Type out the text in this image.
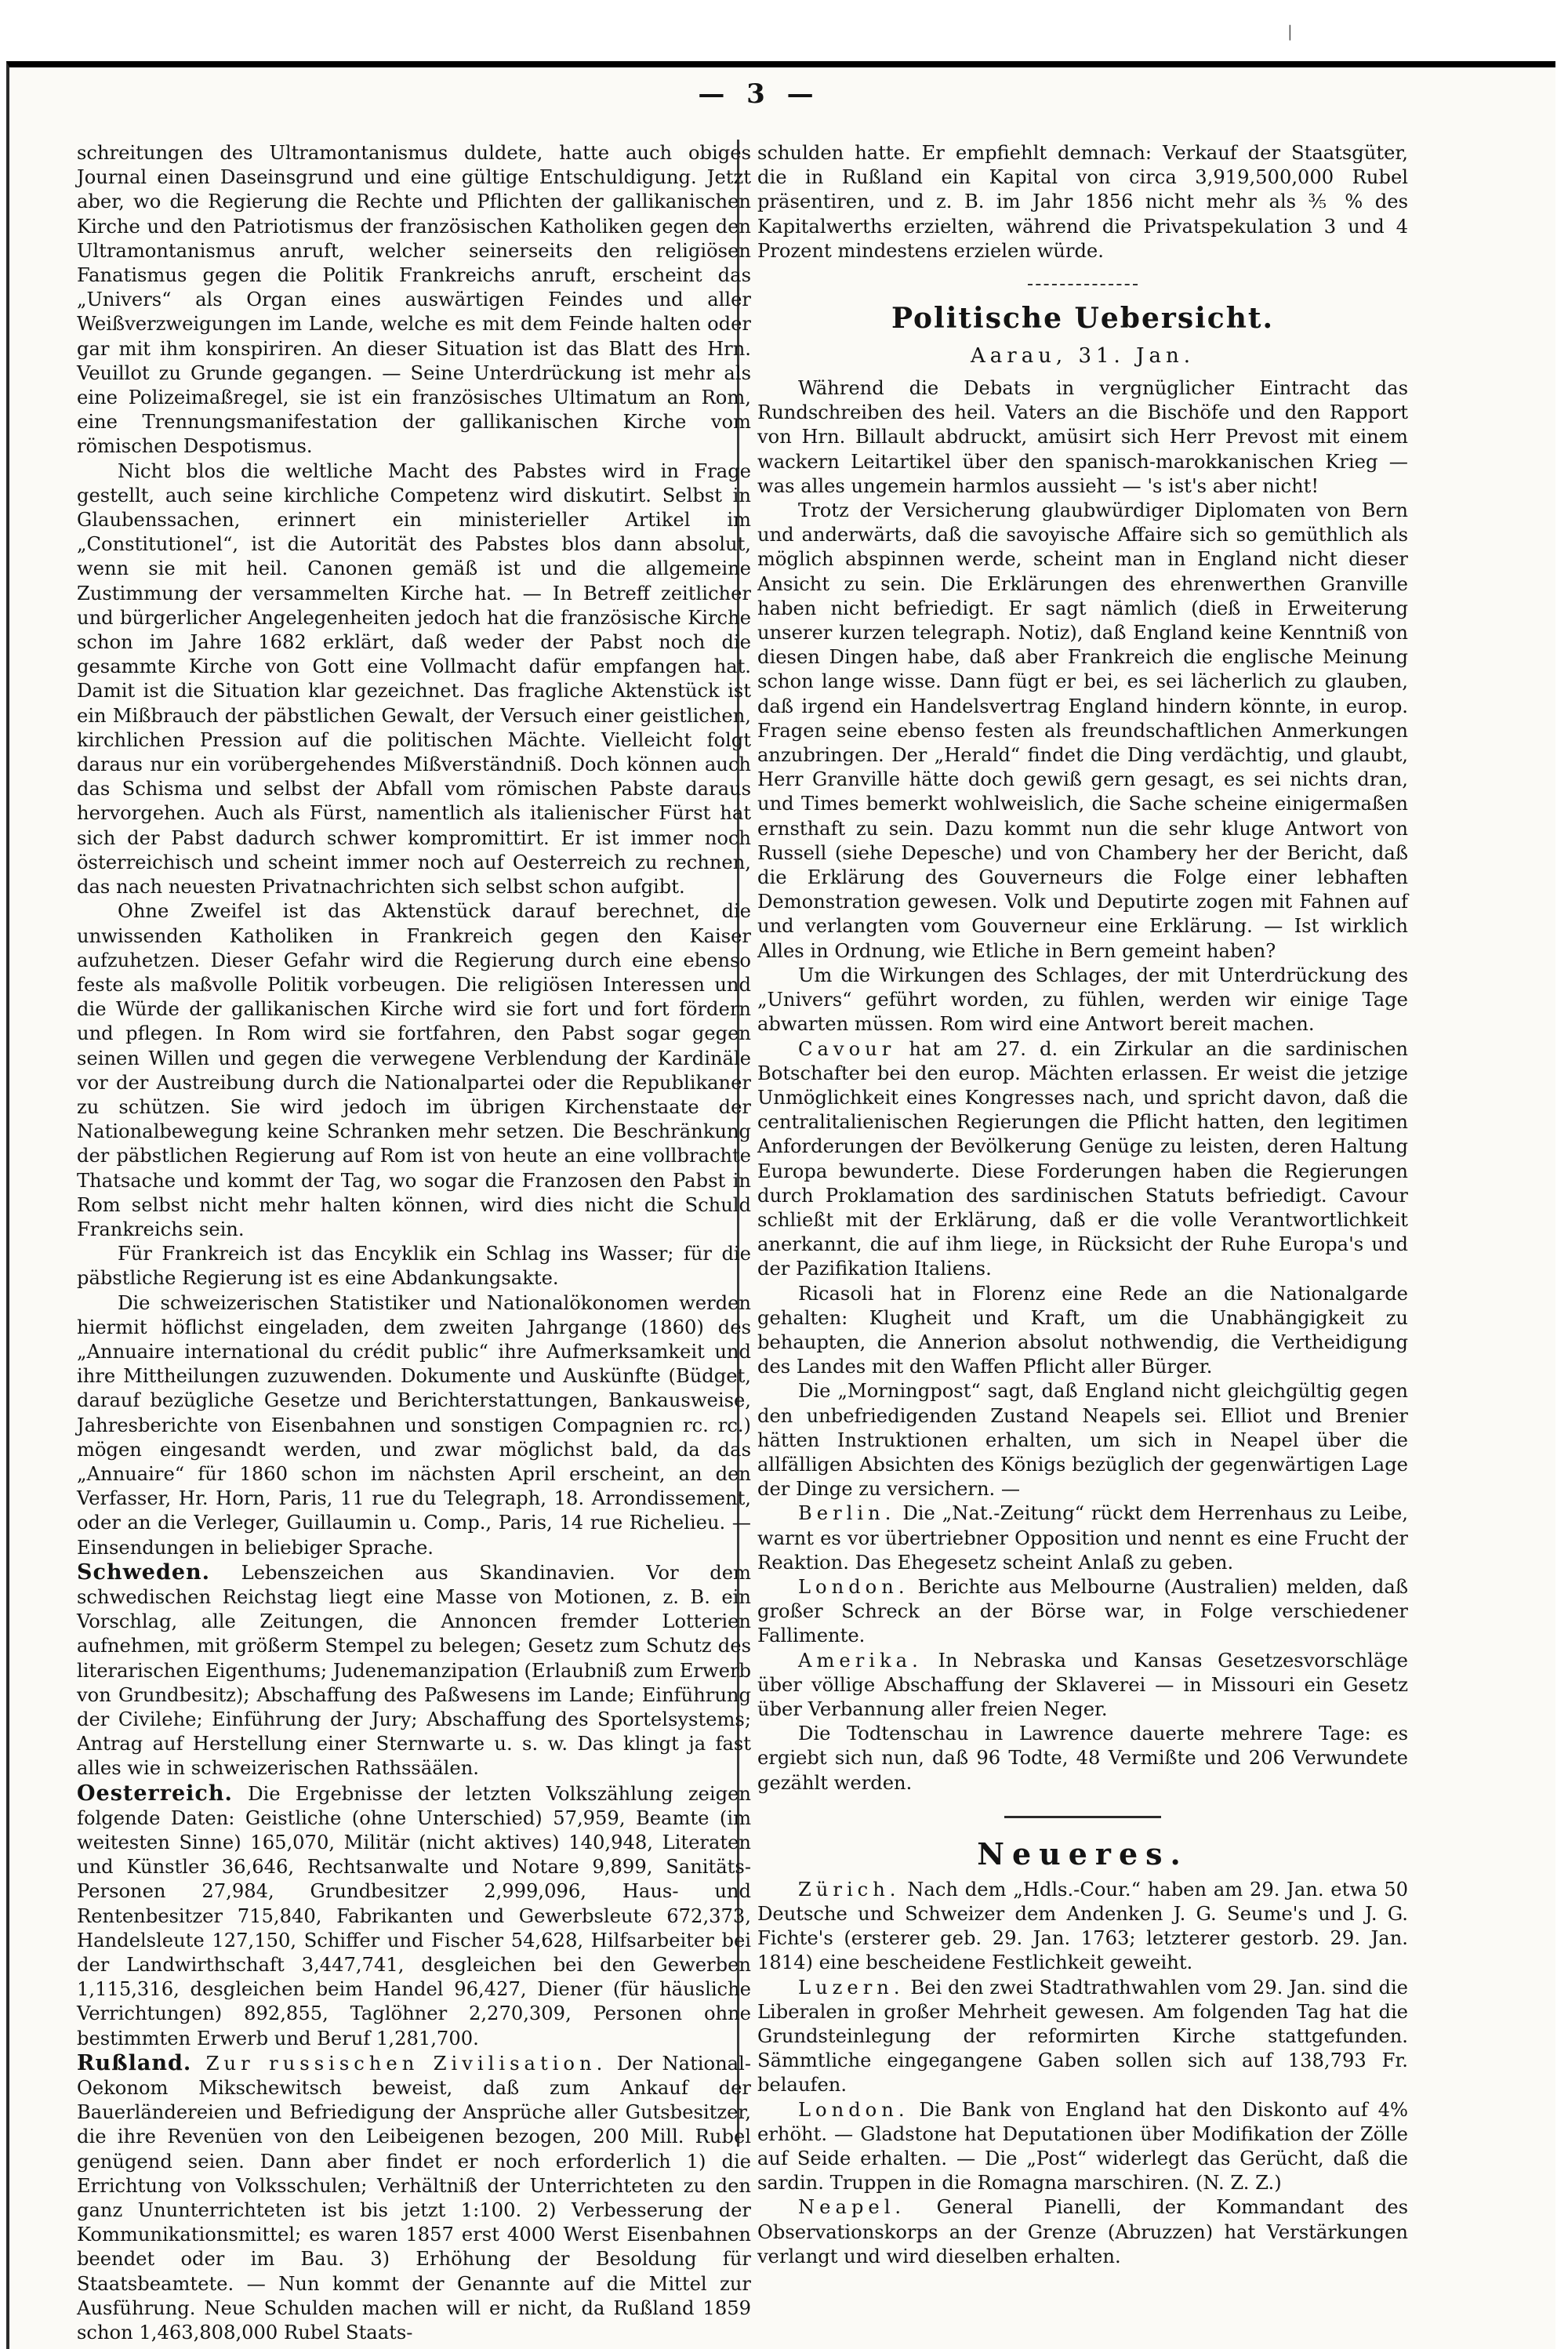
|
— 3 —

schreitungen des Ultramontanismus duldete, hatte auch obiges Journal einen Daseinsgrund und eine gültige Entschuldigung. Jetzt aber, wo die Regierung die Rechte und Pflichten der gallikanischen Kirche und den Patriotismus der französischen Katholiken gegen den Ultramontanismus anruft, welcher seinerseits den religiösen Fanatismus gegen die Politik Frankreichs anruft, erscheint das „Univers“ als Organ eines auswärtigen Feindes und aller Weißverzweigungen im Lande, welche es mit dem Feinde halten oder gar mit ihm konspiriren. An dieser Situation ist das Blatt des Hrn. Veuillot zu Grunde gegangen. — Seine Unterdrückung ist mehr als eine Polizeimaßregel, sie ist ein französisches Ultimatum an Rom, eine Trennungsmanifestation der gallikanischen Kirche vom römischen Despotismus.

Nicht blos die weltliche Macht des Pabstes wird in Frage gestellt, auch seine kirchliche Competenz wird diskutirt. Selbst in Glaubenssachen, erinnert ein ministerieller Artikel im „Constitutionel“, ist die Autorität des Pabstes blos dann absolut, wenn sie mit heil. Canonen gemäß ist und die allgemeine Zustimmung der versammelten Kirche hat. — In Betreff zeitlicher und bürgerlicher Angelegenheiten jedoch hat die französische Kirche schon im Jahre 1682 erklärt, daß weder der Pabst noch die gesammte Kirche von Gott eine Vollmacht dafür empfangen hat. Damit ist die Situation klar gezeichnet. Das fragliche Aktenstück ist ein Mißbrauch der päbstlichen Gewalt, der Versuch einer geistlichen, kirchlichen Pression auf die politischen Mächte. Vielleicht folgt daraus nur ein vorübergehendes Mißverständniß. Doch können auch das Schisma und selbst der Abfall vom römischen Pabste daraus hervorgehen. Auch als Fürst, namentlich als italienischer Fürst hat sich der Pabst dadurch schwer kompromittirt. Er ist immer noch österreichisch und scheint immer noch auf Oesterreich zu rechnen, das nach neuesten Privatnachrichten sich selbst schon aufgibt.

Ohne Zweifel ist das Aktenstück darauf berechnet, die unwissenden Katholiken in Frankreich gegen den Kaiser aufzuhetzen. Dieser Gefahr wird die Regierung durch eine ebenso feste als maßvolle Politik vorbeugen. Die religiösen Interessen und die Würde der gallikanischen Kirche wird sie fort und fort fördern und pflegen. In Rom wird sie fortfahren, den Pabst sogar gegen seinen Willen und gegen die verwegene Verblendung der Kardinäle vor der Austreibung durch die Nationalpartei oder die Republikaner zu schützen. Sie wird jedoch im übrigen Kirchenstaate der Nationalbewegung keine Schranken mehr setzen. Die Beschränkung der päbstlichen Regierung auf Rom ist von heute an eine vollbrachte Thatsache und kommt der Tag, wo sogar die Franzosen den Pabst in Rom selbst nicht mehr halten können, wird dies nicht die Schuld Frankreichs sein.

Für Frankreich ist das Encyklik ein Schlag ins Wasser; für die päbstliche Regierung ist es eine Abdankungsakte.

Die schweizerischen Statistiker und Nationalökonomen werden hiermit höflichst eingeladen, dem zweiten Jahrgange (1860) des „Annuaire international du crédit public“ ihre Aufmerksamkeit und ihre Mittheilungen zuzuwenden. Dokumente und Auskünfte (Büdget, darauf bezügliche Gesetze und Berichterstattungen, Bankausweise, Jahresberichte von Eisenbahnen und sonstigen Compagnien rc. rc.) mögen eingesandt werden, und zwar möglichst bald, da das „Annuaire“ für 1860 schon im nächsten April erscheint, an den Verfasser, Hr. Horn, Paris, 11 rue du Telegraph, 18. Arrondissement, oder an die Verleger, Guillaumin u. Comp., Paris, 14 rue Richelieu. — Einsendungen in beliebiger Sprache.

Schweden. Lebenszeichen aus Skandinavien. Vor dem schwedischen Reichstag liegt eine Masse von Motionen, z. B. ein Vorschlag, alle Zeitungen, die Annoncen fremder Lotterien aufnehmen, mit größerm Stempel zu belegen; Gesetz zum Schutz des literarischen Eigenthums; Judenemanzipation (Erlaubniß zum Erwerb von Grundbesitz); Abschaffung des Paßwesens im Lande; Einführung der Civilehe; Einführung der Jury; Abschaffung des Sportelsystems; Antrag auf Herstellung einer Sternwarte u. s. w. Das klingt ja fast alles wie in schweizerischen Rathssäälen.

Oesterreich. Die Ergebnisse der letzten Volkszählung zeigen folgende Daten: Geistliche (ohne Unterschied) 57,959, Beamte (im weitesten Sinne) 165,070, Militär (nicht aktives) 140,948, Literaten und Künstler 36,646, Rechtsanwalte und Notare 9,899, Sanitäts-Personen 27,984, Grundbesitzer 2,999,096, Haus- und Rentenbesitzer 715,840, Fabrikanten und Gewerbsleute 672,373, Handelsleute 127,150, Schiffer und Fischer 54,628, Hilfsarbeiter bei der Landwirthschaft 3,447,741, desgleichen bei den Gewerben 1,115,316, desgleichen beim Handel 96,427, Diener (für häusliche Verrichtungen) 892,855, Taglöhner 2,270,309, Personen ohne bestimmten Erwerb und Beruf 1,281,700.

Rußland. Zur russischen Zivilisation. Der National-Oekonom Mikschewitsch beweist, daß zum Ankauf der Bauerländereien und Befriedigung der Ansprüche aller Gutsbesitzer, die ihre Revenüen von den Leibeigenen bezogen, 200 Mill. Rubel genügend seien. Dann aber findet er noch erforderlich 1) die Errichtung von Volksschulen; Verhältniß der Unterrichteten zu den ganz Ununterrichteten ist bis jetzt 1:100. 2) Verbesserung der Kommunikationsmittel; es waren 1857 erst 4000 Werst Eisenbahnen beendet oder im Bau. 3) Erhöhung der Besoldung für Staatsbeamtete. — Nun kommt der Genannte auf die Mittel zur Ausführung. Neue Schulden machen will er nicht, da Rußland 1859 schon 1,463,808,000 Rubel Staats-

schulden hatte. Er empfiehlt demnach: Verkauf der Staatsgüter, die in Rußland ein Kapital von circa 3,919,500,000 Rubel präsentiren, und z. B. im Jahr 1856 nicht mehr als ⅗ % des Kapitalwerths erzielten, während die Privatspekulation 3 und 4 Prozent mindestens erzielen würde.

Politische Uebersicht.
Aarau, 31. Jan.

Während die Debats in vergnüglicher Eintracht das Rundschreiben des heil. Vaters an die Bischöfe und den Rapport von Hrn. Billault abdruckt, amüsirt sich Herr Prevost mit einem wackern Leitartikel über den spanisch-marokkanischen Krieg — was alles ungemein harmlos aussieht — 's ist's aber nicht!

Trotz der Versicherung glaubwürdiger Diplomaten von Bern und anderwärts, daß die savoyische Affaire sich so gemüthlich als möglich abspinnen werde, scheint man in England nicht dieser Ansicht zu sein. Die Erklärungen des ehrenwerthen Granville haben nicht befriedigt. Er sagt nämlich (dieß in Erweiterung unserer kurzen telegraph. Notiz), daß England keine Kenntniß von diesen Dingen habe, daß aber Frankreich die englische Meinung schon lange wisse. Dann fügt er bei, es sei lächerlich zu glauben, daß irgend ein Handelsvertrag England hindern könnte, in europ. Fragen seine ebenso festen als freundschaftlichen Anmerkungen anzubringen. Der „Herald“ findet die Ding verdächtig, und glaubt, Herr Granville hätte doch gewiß gern gesagt, es sei nichts dran, und Times bemerkt wohlweislich, die Sache scheine einigermaßen ernsthaft zu sein. Dazu kommt nun die sehr kluge Antwort von Russell (siehe Depesche) und von Chambery her der Bericht, daß die Erklärung des Gouverneurs die Folge einer lebhaften Demonstration gewesen. Volk und Deputirte zogen mit Fahnen auf und verlangten vom Gouverneur eine Erklärung. — Ist wirklich Alles in Ordnung, wie Etliche in Bern gemeint haben?

Um die Wirkungen des Schlages, der mit Unterdrückung des „Univers“ geführt worden, zu fühlen, werden wir einige Tage abwarten müssen. Rom wird eine Antwort bereit machen.

Cavour hat am 27. d. ein Zirkular an die sardinischen Botschafter bei den europ. Mächten erlassen. Er weist die jetzige Unmöglichkeit eines Kongresses nach, und spricht davon, daß die centralitalienischen Regierungen die Pflicht hatten, den legitimen Anforderungen der Bevölkerung Genüge zu leisten, deren Haltung Europa bewunderte. Diese Forderungen haben die Regierungen durch Proklamation des sardinischen Statuts befriedigt. Cavour schließt mit der Erklärung, daß er die volle Verantwortlichkeit anerkannt, die auf ihm liege, in Rücksicht der Ruhe Europa's und der Pazifikation Italiens.

Ricasoli hat in Florenz eine Rede an die Nationalgarde gehalten: Klugheit und Kraft, um die Unabhängigkeit zu behaupten, die Annerion absolut nothwendig, die Vertheidigung des Landes mit den Waffen Pflicht aller Bürger.

Die „Morningpost“ sagt, daß England nicht gleichgültig gegen den unbefriedigenden Zustand Neapels sei. Elliot und Brenier hätten Instruktionen erhalten, um sich in Neapel über die allfälligen Absichten des Königs bezüglich der gegenwärtigen Lage der Dinge zu versichern. —

Berlin. Die „Nat.-Zeitung“ rückt dem Herrenhaus zu Leibe, warnt es vor übertriebner Opposition und nennt es eine Frucht der Reaktion. Das Ehegesetz scheint Anlaß zu geben.

London. Berichte aus Melbourne (Australien) melden, daß großer Schreck an der Börse war, in Folge verschiedener Fallimente.

Amerika. In Nebraska und Kansas Gesetzesvorschläge über völlige Abschaffung der Sklaverei — in Missouri ein Gesetz über Verbannung aller freien Neger.

Die Todtenschau in Lawrence dauerte mehrere Tage: es ergiebt sich nun, daß 96 Todte, 48 Vermißte und 206 Verwundete gezählt werden.

Neueres.

Zürich. Nach dem „Hdls.-Cour.“ haben am 29. Jan. etwa 50 Deutsche und Schweizer dem Andenken J. G. Seume's und J. G. Fichte's (ersterer geb. 29. Jan. 1763; letzterer gestorb. 29. Jan. 1814) eine bescheidene Festlichkeit geweiht.

Luzern. Bei den zwei Stadtrathwahlen vom 29. Jan. sind die Liberalen in großer Mehrheit gewesen. Am folgenden Tag hat die Grundsteinlegung der reformirten Kirche stattgefunden. Sämmtliche eingegangene Gaben sollen sich auf 138,793 Fr. belaufen.

London. Die Bank von England hat den Diskonto auf 4% erhöht. — Gladstone hat Deputationen über Modifikation der Zölle auf Seide erhalten. — Die „Post“ widerlegt das Gerücht, daß die sardin. Truppen in die Romagna marschiren. (N. Z. Z.)

Neapel. General Pianelli, der Kommandant des Observationskorps an der Grenze (Abruzzen) hat Verstärkungen verlangt und wird dieselben erhalten.
